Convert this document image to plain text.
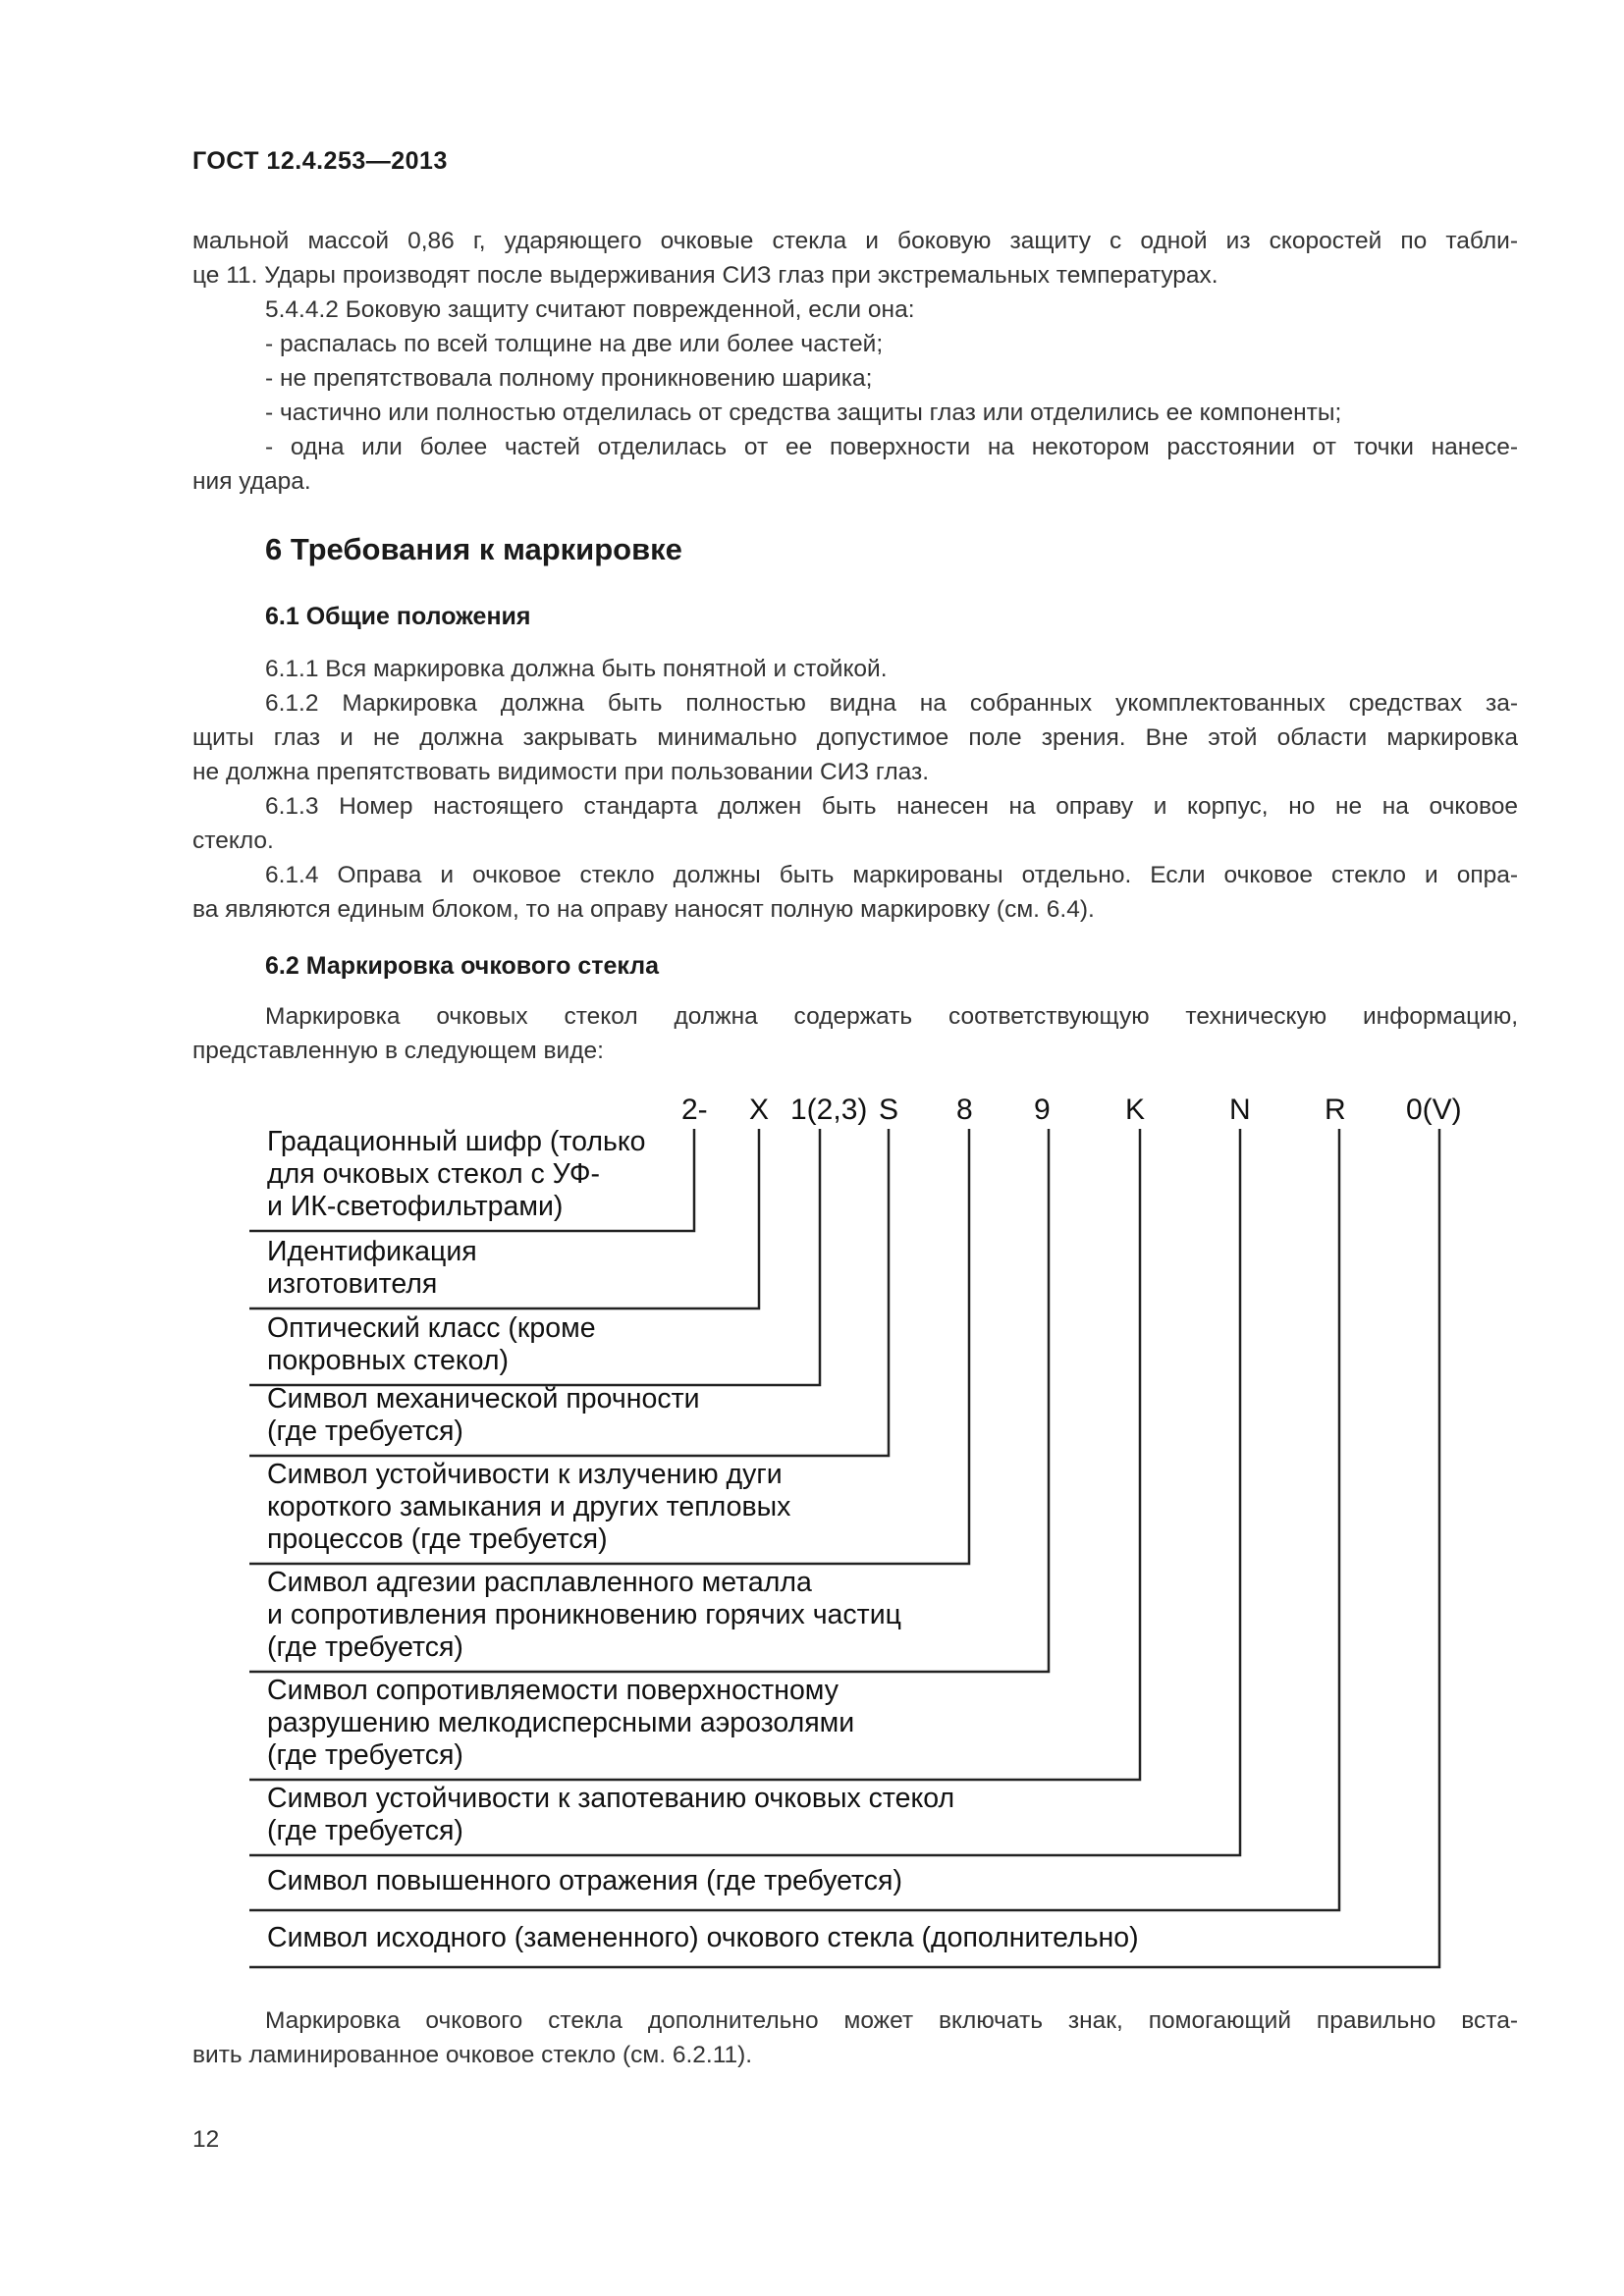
ГОСТ 12.4.253—2013
мальной массой 0,86 г, ударяющего очковые стекла и боковую защиту с одной из скоростей по табли-
це 11. Удары производят после выдерживания СИЗ глаз при экстремальных температурах.
5.4.4.2 Боковую защиту считают поврежденной, если она:
- распалась по всей толщине на две или более частей;
- не препятствовала полному проникновению шарика;
- частично или полностью отделилась от средства защиты глаз или отделились ее компоненты;
- одна или более частей отделилась от ее поверхности на некотором расстоянии от точки нанесе-
ния удара.
6 Требования к маркировке
6.1 Общие положения
6.1.1 Вся маркировка должна быть понятной и стойкой.
6.1.2 Маркировка должна быть полностью видна на собранных укомплектованных средствах за-
щиты глаз и не должна закрывать минимально допустимое поле зрения. Вне этой области маркировка
не должна препятствовать видимости при пользовании СИЗ глаз.
6.1.3 Номер настоящего стандарта должен быть нанесен на оправу и корпус, но не на очковое
стекло.
6.1.4 Оправа и очковое стекло должны быть маркированы отдельно. Если очковое стекло и опра-
ва являются единым блоком, то на оправу наносят полную маркировку (см. 6.4).
6.2 Маркировка очкового стекла
Маркировка очковых стекол должна содержать соответствующую техническую информацию,
представленную в следующем виде:
2- X 1(2,3) S 8 9	K	N	R 0(V)
Градационный шифр (только
для очковых стекол с УФ-
и ИК-светофильтрами)
Идентификация
изготовителя
Оптический класс (кроме
покровных стекол)
Символ механической прочности
(где требуется)
Символ устойчивости к излучению дуги
короткого замыкания и других тепловых
процессов (где требуется)
Символ адгезии расплавленного металла
и сопротивления проникновению горячих частиц
(где требуется)
Символ сопротивляемости поверхностному
разрушению мелкодисперсными аэрозолями
(где требуется)
Символ устойчивости к запотеванию очковых стекол
(где требуется)
Символ повышенного отражения (где требуется)
Символ исходного (замененного) очкового стекла (дополнительно)
Маркировка очкового стекла дополнительно может включать знак, помогающий правильно вста-
вить ламинированное очковое стекло (см. 6.2.11).
12
